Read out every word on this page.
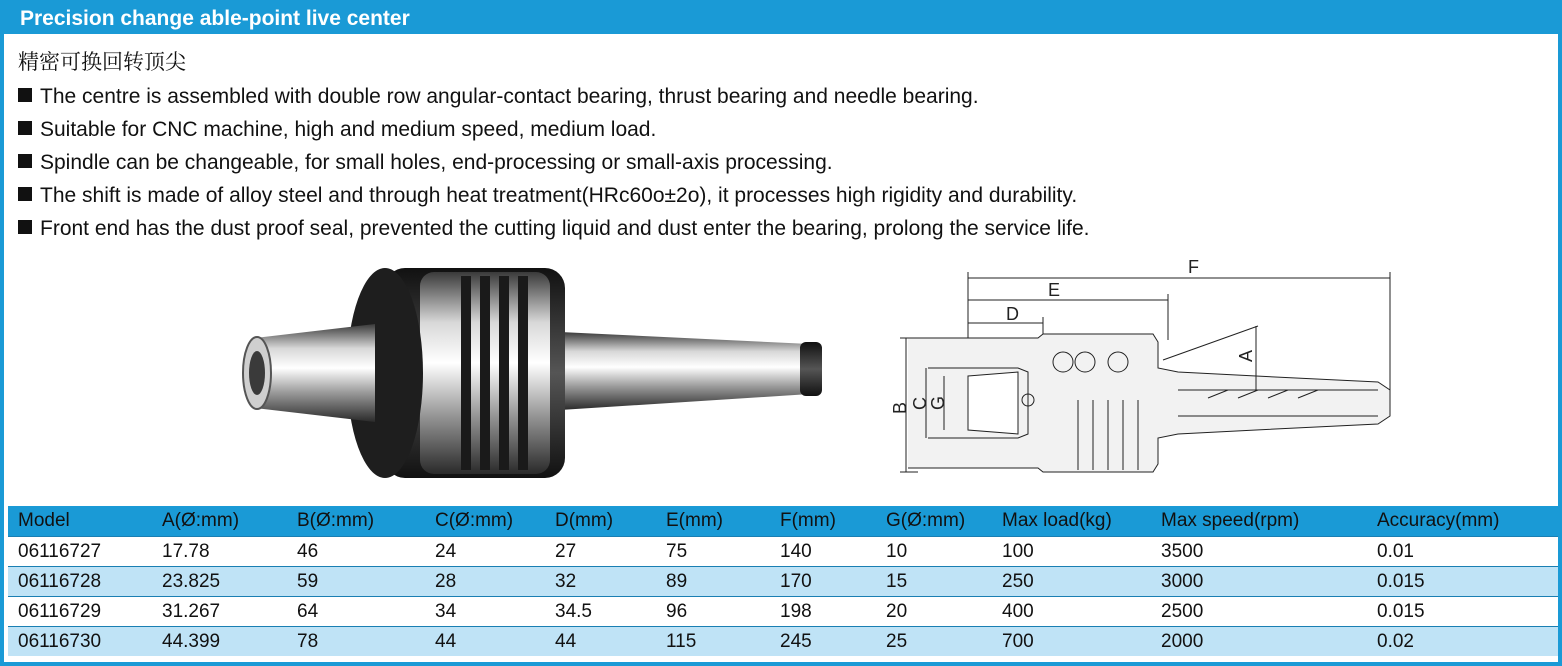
Precision change able-point live center
精密可换回转顶尖
The centre is assembled with double row angular-contact bearing, thrust bearing and needle bearing.
Suitable for CNC machine, high and medium speed, medium load.
Spindle can be changeable, for small holes, end-processing or small-axis processing.
The shift is made of alloy steel and through heat treatment(HRc60o±2o), it processes high rigidity and durability.
Front end has the dust proof seal, prevented the cutting liquid and dust enter the bearing, prolong the service life.
F
E
D
A
B C
G
Model	A(Ø:mm)	B(Ø:mm)	C(Ø:mm)	D(mm)	E(mm)	F(mm)	G(Ø:mm)	Max load(kg)	Max speed(rpm)	Accuracy(mm)
06116727	17.78	46	24	27	75	140	10	100	3500	0.01
06116728	23.825	59	28	32	89	170	15	250	3000	0.015
06116729	31.267	64	34	34.5	96	198	20	400	2500	0.015
06116730	44.399	78	44	44	115	245	25	700	2000	0.02
